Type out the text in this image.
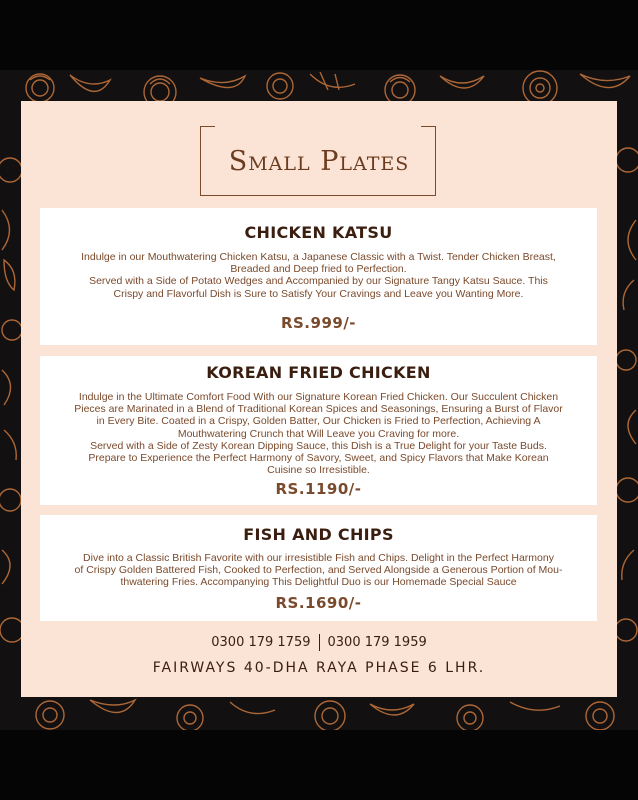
Small Plates
CHICKEN KATSU
Indulge in our Mouthwatering Chicken Katsu, a Japanese Classic with a Twist. Tender Chicken Breast,
Breaded and Deep fried to Perfection.
Served with a Side of Potato Wedges and Accompanied by our Signature Tangy Katsu Sauce. This
Crispy and Flavorful Dish is Sure to Satisfy Your Cravings and Leave you Wanting More.
RS.999/-
KOREAN FRIED CHICKEN
Indulge in the Ultimate Comfort Food With our Signature Korean Fried Chicken. Our Succulent Chicken
Pieces are Marinated in a Blend of Traditional Korean Spices and Seasonings, Ensuring a Burst of Flavor
in Every Bite. Coated in a Crispy, Golden Batter, Our Chicken is Fried to Perfection, Achieving A
Mouthwatering Crunch that Will Leave you Craving for more.
Served with a Side of Zesty Korean Dipping Sauce, this Dish is a True Delight for your Taste Buds.
Prepare to Experience the Perfect Harmony of Savory, Sweet, and Spicy Flavors that Make Korean
Cuisine so Irresistible.
RS.1190/-
FISH AND CHIPS
Dive into a Classic British Favorite with our irresistible Fish and Chips. Delight in the Perfect Harmony
of Crispy Golden Battered Fish, Cooked to Perfection, and Served Alongside a Generous Portion of Mou-
thwatering Fries. Accompanying This Delightful Duo is our Homemade Special Sauce
RS.1690/-
0300 179 1759 0300 179 1959
FAIRWAYS 40-DHA RAYA PHASE 6 LHR.
